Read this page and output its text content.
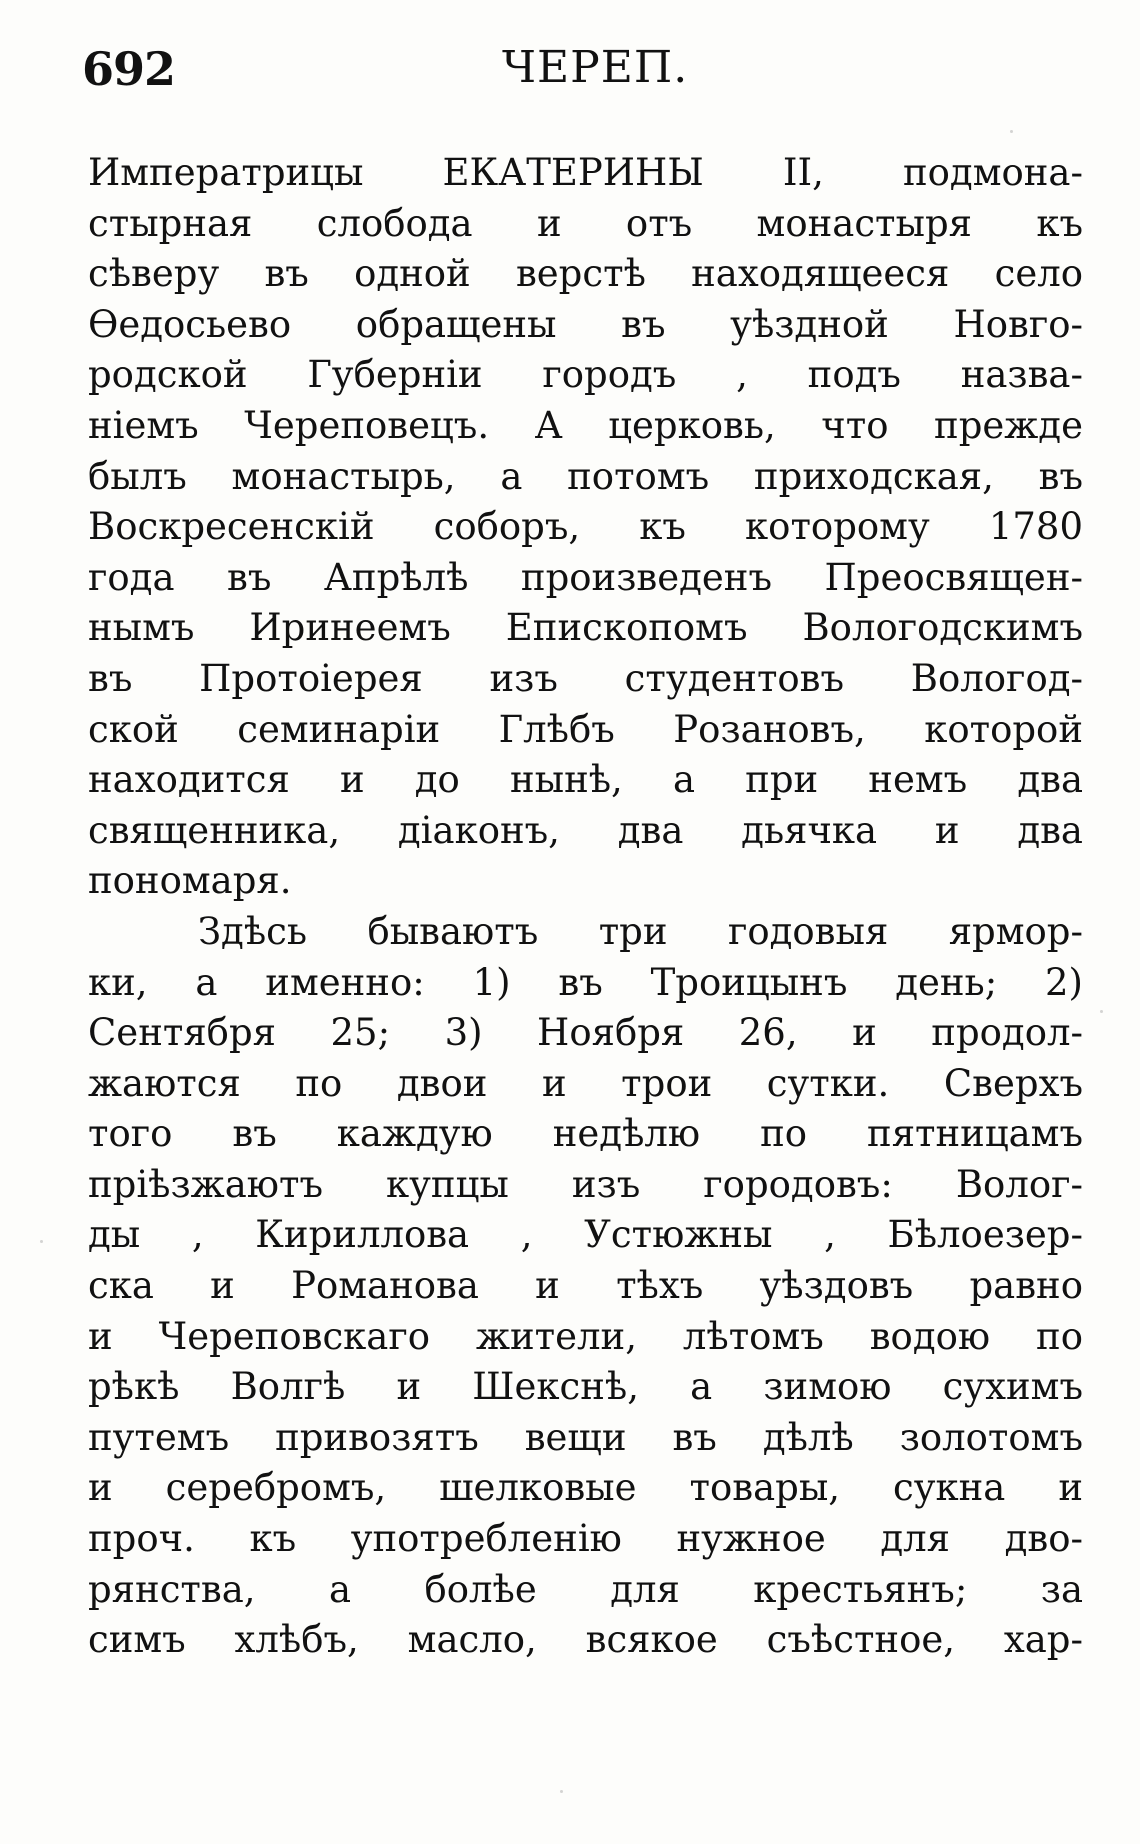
692	ЧЕРЕП.
Императрицы ЕКАТЕРИНЫ II, подмона-
стырная слобода и отъ монастыря къ
сѣверу въ одной верстѣ находящееся село
Ѳедосьево обращены въ уѣздной Новго-
родской Губерніи городъ , подъ назва-
ніемъ Череповецъ. А церковь, что прежде
былъ монастырь, а потомъ приходская, въ
Воскресенскій соборъ, къ которому 1780
года въ Апрѣлѣ произведенъ Преосвящен-
нымъ Иринеемъ Епископомъ Вологодскимъ
въ Протоіерея изъ студентовъ Вологод-
ской семинаріи Глѣбъ Розановъ, которой
находится и до нынѣ, а при немъ два
священника, діаконъ, два дьячка и два
пономаря.
Здѣсь бываютъ три годовыя ярмор-
ки, а именно: 1) въ Троицынъ день; 2)
Сентября 25; 3) Ноября 26, и продол-
жаются по двои и трои сутки. Сверхъ
того въ каждую недѣлю по пятницамъ
пріѣзжаютъ купцы изъ городовъ: Волог-
ды , Кириллова , Устюжны , Бѣлоезер-
ска и Романова и тѣхъ уѣздовъ равно
и Череповскаго жители, лѣтомъ водою по
рѣкѣ Волгѣ и Шекснѣ, а зимою сухимъ
путемъ привозятъ вещи въ дѣлѣ золотомъ
и серебромъ, шелковые товары, сукна и
проч. къ употребленію нужное для дво-
рянства, а болѣе для крестьянъ; за
симъ хлѣбъ, масло, всякое съѣстное, хар-
